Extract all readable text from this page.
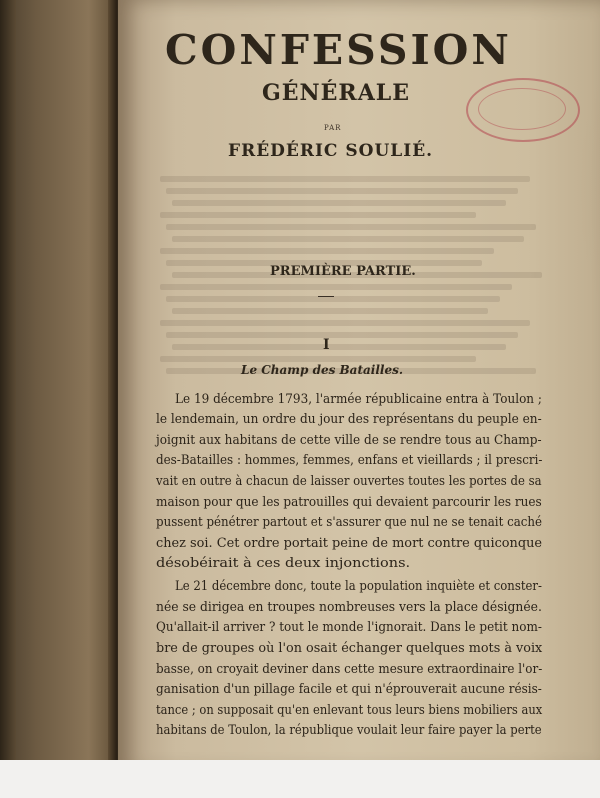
CONFESSION
GÉNÉRALE
PAR
FRÉDÉRIC SOULIÉ.
PREMIÈRE PARTIE.
I
Le Champ des Batailles.
Le 19 décembre 1793, l'armée républicaine entra à Toulon ;
le lendemain, un ordre du jour des représentans du peuple en-
joignit aux habitans de cette ville de se rendre tous au Champ-
des-Batailles : hommes, femmes, enfans et vieillards ; il prescri-
vait en outre à chacun de laisser ouvertes toutes les portes de sa
maison pour que les patrouilles qui devaient parcourir les rues
pussent pénétrer partout et s'assurer que nul ne se tenait caché
chez soi. Cet ordre portait peine de mort contre quiconque
désobéirait à ces deux injonctions.
Le 21 décembre donc, toute la population inquiète et conster-
née se dirigea en troupes nombreuses vers la place désignée.
Qu'allait-il arriver ? tout le monde l'ignorait. Dans le petit nom-
bre de groupes où l'on osait échanger quelques mots à voix
basse, on croyait deviner dans cette mesure extraordinaire l'or-
ganisation d'un pillage facile et qui n'éprouverait aucune résis-
tance ; on supposait qu'en enlevant tous leurs biens mobiliers aux
habitans de Toulon, la république voulait leur faire payer la perte
